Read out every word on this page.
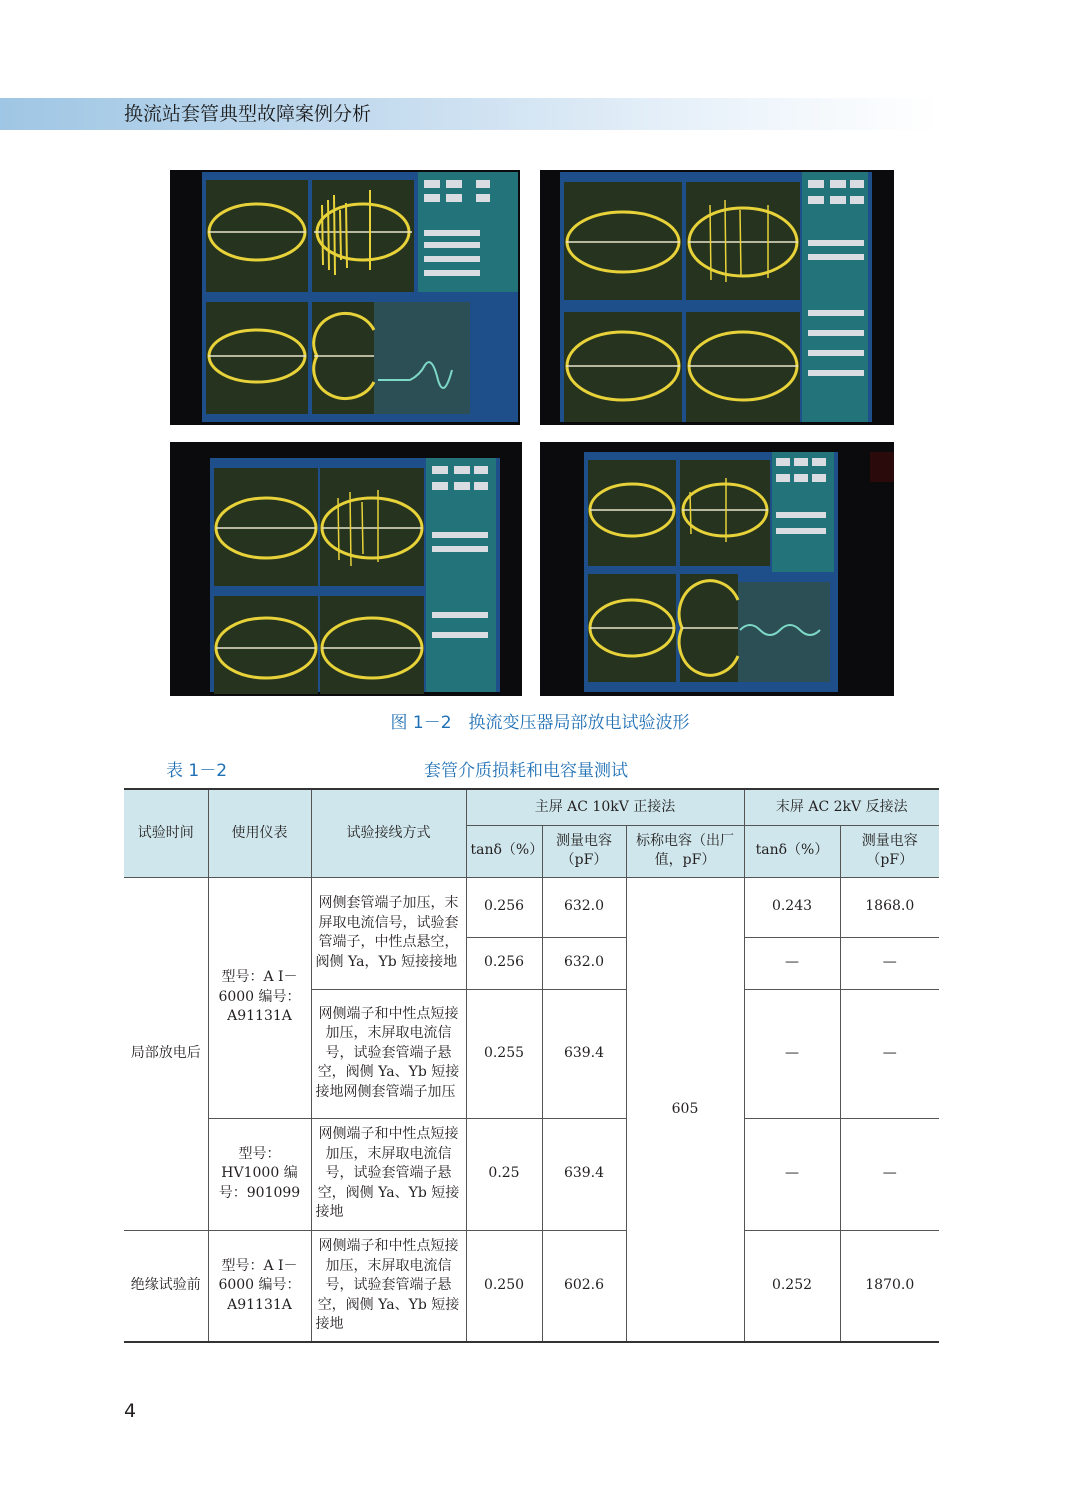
换流站套管典型故障案例分析
图 1－2　换流变压器局部放电试验波形
表 1－2	套管介质损耗和电容量测试
试验时间	使用仪表	试验接线方式	主屏 AC 10kV 正接法			末屏 AC 2kV 反接法	
			tanδ（%）	测量电容（pF）	标称电容（出厂值，pF）	tanδ（%）	测量电容（pF）
局部放电后	型号：A Ⅰ－6000 编号：A91131A	网侧套管端子加压，末屏取电流信号，试验套管端子，中性点悬空，阀侧 Ya，Yb 短接接地	0.256	632.0	605	0.243	1868.0
			0.256	632.0		—	—
		网侧端子和中性点短接加压，末屏取电流信号，试验套管端子悬空，阀侧 Ya、Yb 短接接地网侧套管端子加压	0.255	639.4		—	—
	型号：HV1000 编号：901099	网侧端子和中性点短接加压，末屏取电流信号，试验套管端子悬空，阀侧 Ya、Yb 短接接地	0.25	639.4		—	—
绝缘试验前	型号：A Ⅰ－6000 编号：A91131A	网侧端子和中性点短接加压，末屏取电流信号，试验套管端子悬空，阀侧 Ya、Yb 短接接地	0.250	602.6		0.252	1870.0
4
